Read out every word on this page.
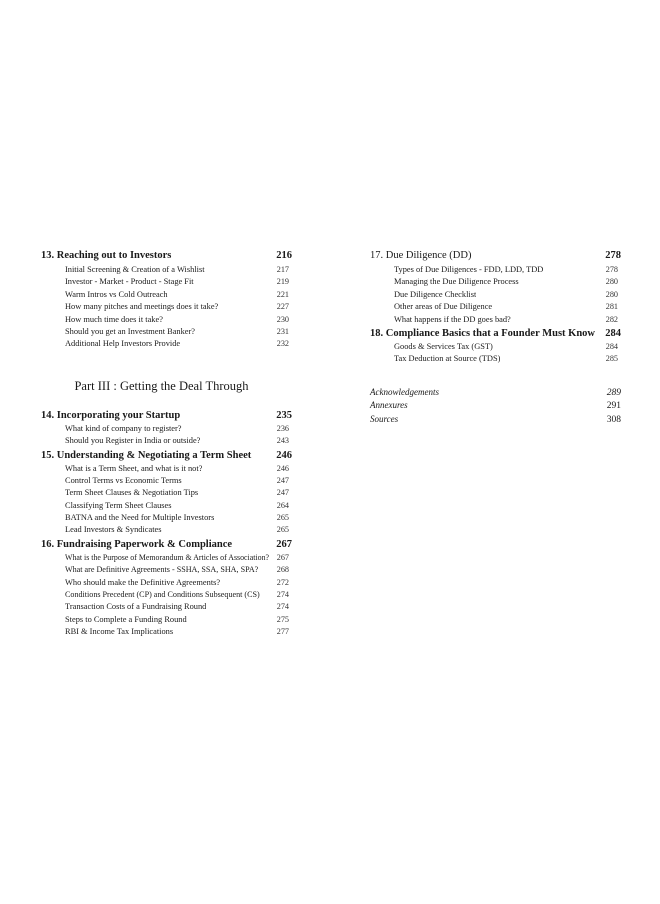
13. Reaching out to Investors	216
Initial Screening & Creation of a Wishlist	217
Investor - Market - Product - Stage Fit	219
Warm Intros vs Cold Outreach	221
How many pitches and meetings does it take?	227
How much time does it take?	230
Should you get an Investment Banker?	231
Additional Help Investors Provide	232
Part III : Getting the Deal Through
14. Incorporating your Startup	235
What kind of company to register?	236
Should you Register in India or outside?	243
15. Understanding & Negotiating a Term Sheet 246
What is a Term Sheet, and what is it not?	246
Control Terms vs Economic Terms	247
Term Sheet Clauses & Negotiation Tips	247
Classifying Term Sheet Clauses	264
BATNA and the Need for Multiple Investors	265
Lead Investors & Syndicates	265
16. Fundraising Paperwork & Compliance	267
What is the Purpose of Memorandum & Articles of Association? 267
What are Definitive Agreements - SSHA, SSA, SHA, SPA? 268
Who should make the Definitive Agreements?	272
Conditions Precedent (CP) and Conditions Subsequent (CS) 274
Transaction Costs of a Fundraising Round	274
Steps to Complete a Funding Round	275
RBI & Income Tax Implications	277
17. Due Diligence (DD)	278
Types of Due Diligences - FDD, LDD, TDD	278
Managing the Due Diligence Process	280
Due Diligence Checklist	280
Other areas of Due Diligence	281
What happens if the DD goes bad?	282
18. Compliance Basics that a Founder Must Know 284
Goods & Services Tax (GST)	284
Tax Deduction at Source (TDS)	285
Acknowledgements	289
Annexures	291
Sources	308
